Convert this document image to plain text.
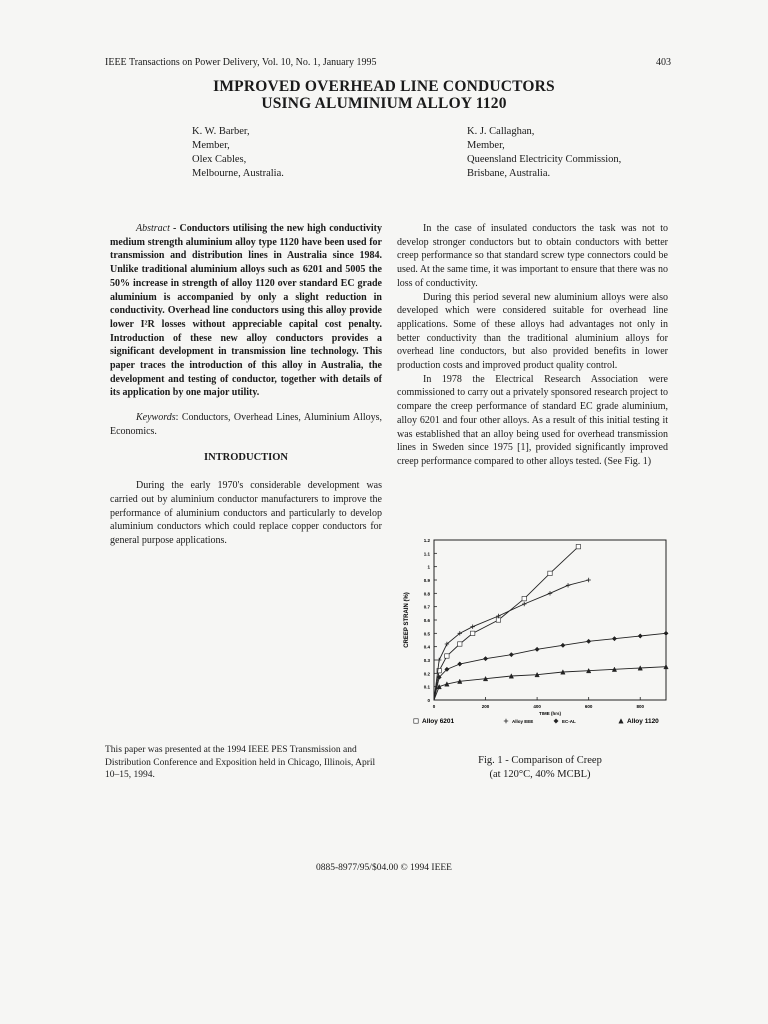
IEEE Transactions on Power Delivery, Vol. 10, No. 1, January 1995	403
IMPROVED OVERHEAD LINE CONDUCTORS
USING ALUMINIUM ALLOY 1120
K. W. Barber,
Member,
Olex Cables,
Melbourne, Australia.
K. J. Callaghan,
Member,
Queensland Electricity Commission,
Brisbane, Australia.

Abstract - Conductors utilising the new high conductivity medium strength aluminium alloy type 1120 have been used for transmission and distribution lines in Australia since 1984. Unlike traditional aluminium alloys such as 6201 and 5005 the 50% increase in strength of alloy 1120 over standard EC grade aluminium is accompanied by only a slight reduction in conductivity. Overhead line conductors using this alloy provide lower I²R losses without appreciable capital cost penalty. Introduction of these new alloy conductors provides a significant development in transmission line technology. This paper traces the introduction of this alloy in Australia, the development and testing of conductor, together with details of its application by one major utility.

Keywords: Conductors, Overhead Lines, Aluminium Alloys, Economics.

INTRODUCTION

During the early 1970's considerable development was carried out by aluminium conductor manufacturers to improve the performance of aluminium conductors and particularly to develop aluminium conductors which could replace copper conductors for general purpose applications.

This paper was presented at the 1994 IEEE PES Transmission and Distribution Conference and Exposition held in Chicago, Illinois, April 10–15, 1994.

In the case of insulated conductors the task was not to develop stronger conductors but to obtain conductors with better creep performance so that standard screw type connectors could be used. At the same time, it was important to ensure that there was no loss of conductivity.

During this period several new aluminium alloys were also developed which were considered suitable for overhead line applications. Some of these alloys had advantages not only in better conductivity than the traditional aluminium alloys for overhead line conductors, but also provided benefits in lower production costs and improved product quality control.

In 1978 the Electrical Research Association were commissioned to carry out a privately sponsored research project to compare the creep performance of standard EC grade aluminium, alloy 6201 and four other alloys. As a result of this initial testing it was established that an alloy being used for overhead transmission lines in Sweden since 1975 [1], provided significantly improved creep performance compared to other alloys tested. (See Fig. 1)

0
0.1
0.2
0.3
0.4
0.5
0.6
0.7
0.8
0.9
1
1.1
1.2
0	200	400	600	800
TIME (hrs)
CREEP STRAIN (%)
Alloy 6201	Alloy EEE	EC-AL	Alloy 1120
Fig. 1 - Comparison of Creep
(at 120°C, 40% MCBL)
0885-8977/95/$04.00 © 1994 IEEE
